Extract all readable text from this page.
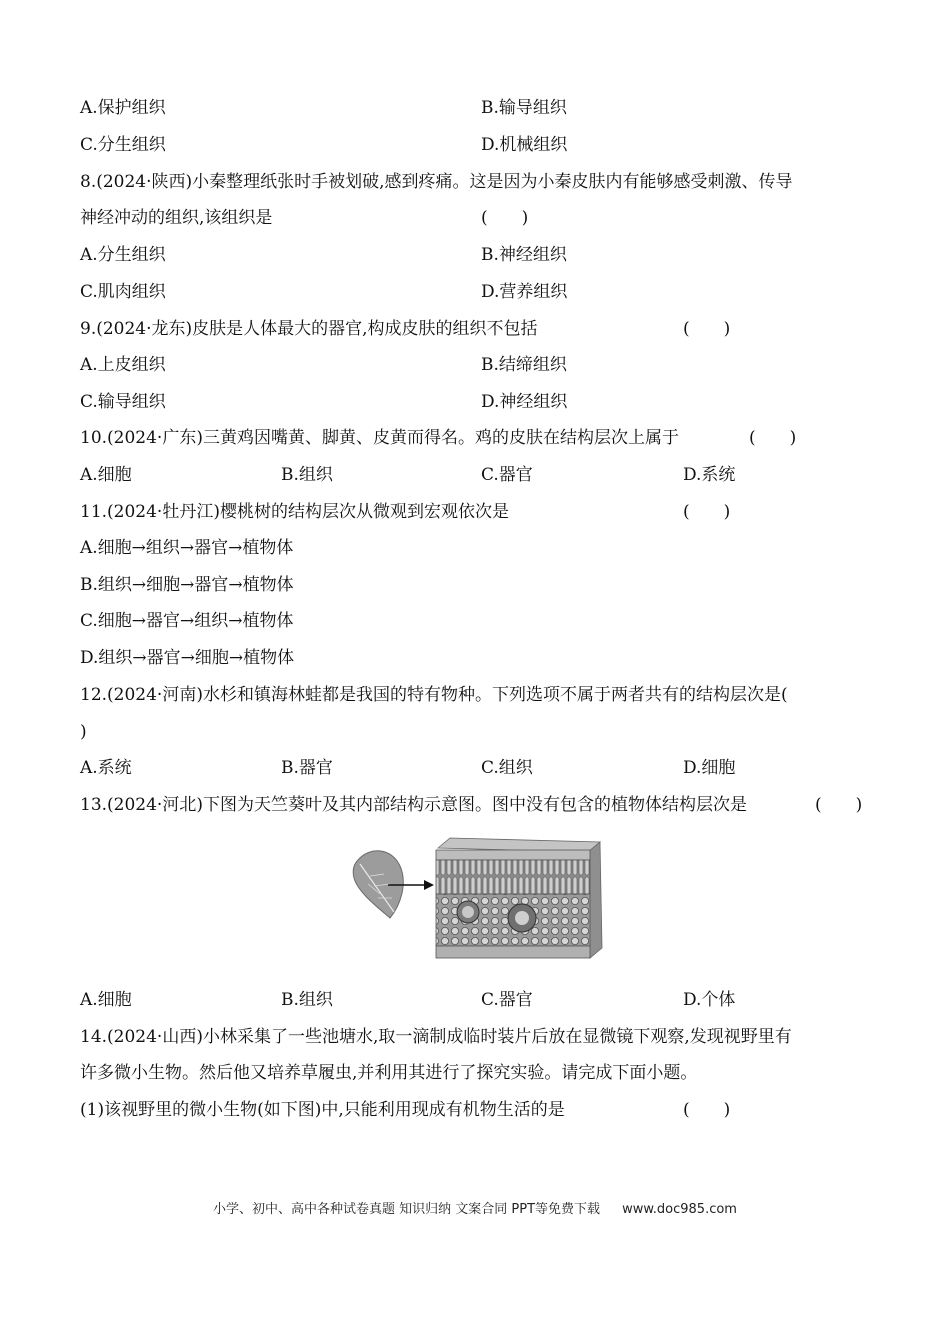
A.保护组织	B.输导组织
C.分生组织	D.机械组织
8.(2024·陕西)小秦整理纸张时手被划破,感到疼痛。这是因为小秦皮肤内有能够感受刺激、传导
神经冲动的组织,该组织是	(　　)
A.分生组织	B.神经组织
C.肌肉组织	D.营养组织
9.(2024·龙东)皮肤是人体最大的器官,构成皮肤的组织不包括	(　　)
A.上皮组织	B.结缔组织
C.输导组织	D.神经组织
10.(2024·广东)三黄鸡因嘴黄、脚黄、皮黄而得名。鸡的皮肤在结构层次上属于	(　　)
A.细胞	B.组织	C.器官	D.系统
11.(2024·牡丹江)樱桃树的结构层次从微观到宏观依次是	(　　)
A.细胞→组织→器官→植物体
B.组织→细胞→器官→植物体
C.细胞→器官→组织→植物体
D.组织→器官→细胞→植物体
12.(2024·河南)水杉和镇海林蛙都是我国的特有物种。下列选项不属于两者共有的结构层次是(
)
A.系统	B.器官	C.组织	D.细胞
13.(2024·河北)下图为天竺葵叶及其内部结构示意图。图中没有包含的植物体结构层次是	(　　)
A.细胞	B.组织	C.器官	D.个体
14.(2024·山西)小林采集了一些池塘水,取一滴制成临时装片后放在显微镜下观察,发现视野里有
许多微小生物。然后他又培养草履虫,并利用其进行了探究实验。请完成下面小题。
(1)该视野里的微小生物(如下图)中,只能利用现成有机物生活的是	(　　)
小学、初中、高中各种试卷真题 知识归纳 文案合同 PPT等免费下载 www.doc985.com
